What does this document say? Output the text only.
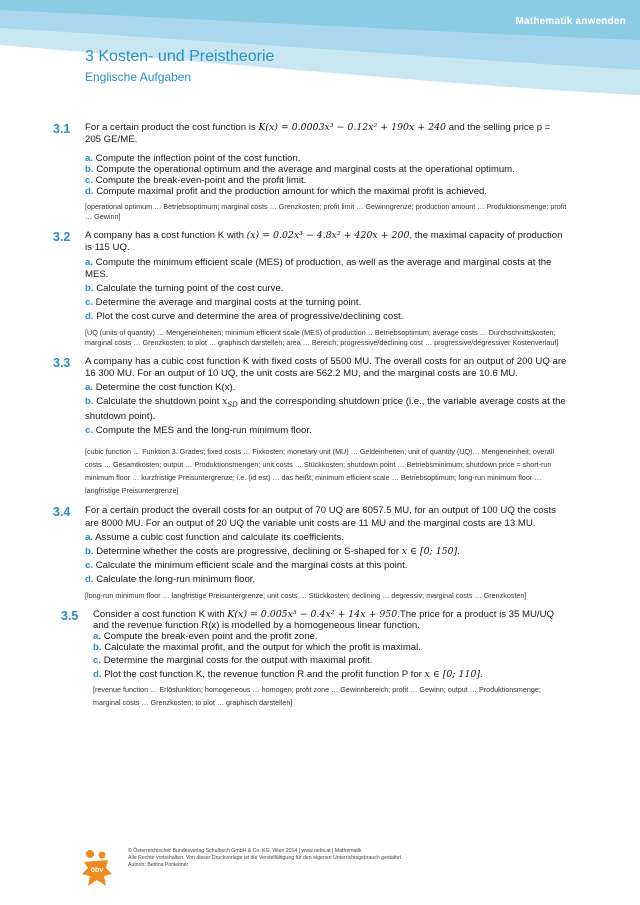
Mathematik anwenden
3 Kosten- und Preistheorie
Englische Aufgaben
3.1 For a certain product the cost function is K(x) = 0.0003x³ − 0.12x² + 190x + 240 and the selling price p = 205 GE/ME.

a. Compute the inflection point of the cost function.

b. Compute the operational optimum and the average and marginal costs at the operational optimum.

c. Compute the break-even-point and the profit limit.

d. Compute maximal profit and the production amount for which the maximal profit is achieved.

[operational optimum … Betriebsoptimum; marginal costs … Grenzkosten; profit limit … Gewinngrenze; production amount … Produktionsmenge; profit … Gewinn]
3.2 A company has a cost function K with (x) = 0.02x³ − 4.8x² + 420x + 200, the maximal capacity of production is 115 UQ.

a. Compute the minimum efficient scale (MES) of production, as well as the average and marginal costs at the MES.

b. Calculate the turning point of the cost curve.

c. Determine the average and marginal costs at the turning point.

d. Plot the cost curve and determine the area of progressive/declining cost.

[UQ (units of quantity) … Mengeneinheiten; minimum efficient scale (MES) of production… Betriebsoptimum; average costs … Durchschnittskosten; marginal costs … Grenzkosten; to plot … graphisch darstellen; area … Bereich; progressive/declining cost … progressive/degressiver Kostenverlauf]
3.3 A company has a cubic cost function K with fixed costs of 5500 MU. The overall costs for an output of 200 UQ are 16 300 MU. For an output of 10 UQ, the unit costs are 562.2 MU, and the marginal costs are 10.6 MU.

a. Determine the cost function K(x).

b. Calculate the shutdown point $x_{SD}$ and the corresponding shutdown price (i.e., the variable average costs at the shutdown point).

c. Compute the MES and the long-run minimum floor.

[cubic function … Funktion 3. Grades; fixed costs … Fixkosten; monetary unit (MU) … Geldeinheiten; unit of quantity (UQ)… Mengeneinheit; overall costs … Gesamtkosten; output … Produktionsmengen; unit costs … Stückkosten; shutdown point … Betriebsminimum; shutdown price = short-run minimum floor … kurzfristige Preisuntergrenze; i.e. (id est) … das heißt; minimum efficient scale … Betriebsoptimum; long-run minimum floor … langfristige Preisuntergrenze]
3.4 For a certain product the overall costs for an output of 70 UQ are 6057.5 MU, for an output of 100 UQ the costs are 8000 MU. For an output of 20 UQ the variable unit costs are 11 MU and the marginal costs are 13 MU.

a. Assume a cubic cost function and calculate its coefficients.

b. Determine whether the costs are progressive, declining or S-shaped for x ∈ [0; 150].

c. Calculate the minimum efficient scale and the marginal costs at this point.

d. Calculate the long-run minimum floor.

[long-run minimum floor … langfristige Preisuntergrenze; unit costs … Stückkosten; declining … degressiv; marginal costs … Grenzkosten]
3.5 Consider a cost function K with K(x) = 0.005x³ − 0.4x² + 14x + 950.The price for a product is 35 MU/UQ and the revenue function R(x) is modelled by a homogeneous linear function.

a. Compute the break-even point and the profit zone.

b. Calculate the maximal profit, and the output for which the profit is maximal.

c. Determine the marginal costs for the output with maximal profit.

d. Plot the cost function K, the revenue function R and the profit function P for x ∈ [0; 110].

[revenue function … Erlösfunktion; homogeneous … homogen; profit zone … Gewinnbereich; profit … Gewinn; output … Produktionsmenge; marginal costs … Grenzkosten; to plot … graphisch darstellen]
öbv
© Österreichischer Bundesverlag Schulbuch GmbH & Co. KG, Wien 2014 | www.oebv.at | Mathematik
Alle Rechte vorbehalten. Von dieser Druckvorlage ist die Vervielfältigung für den eigenen Unterrichtsgebrauch gestattet.
Autorin: Bettina Ponleitner
